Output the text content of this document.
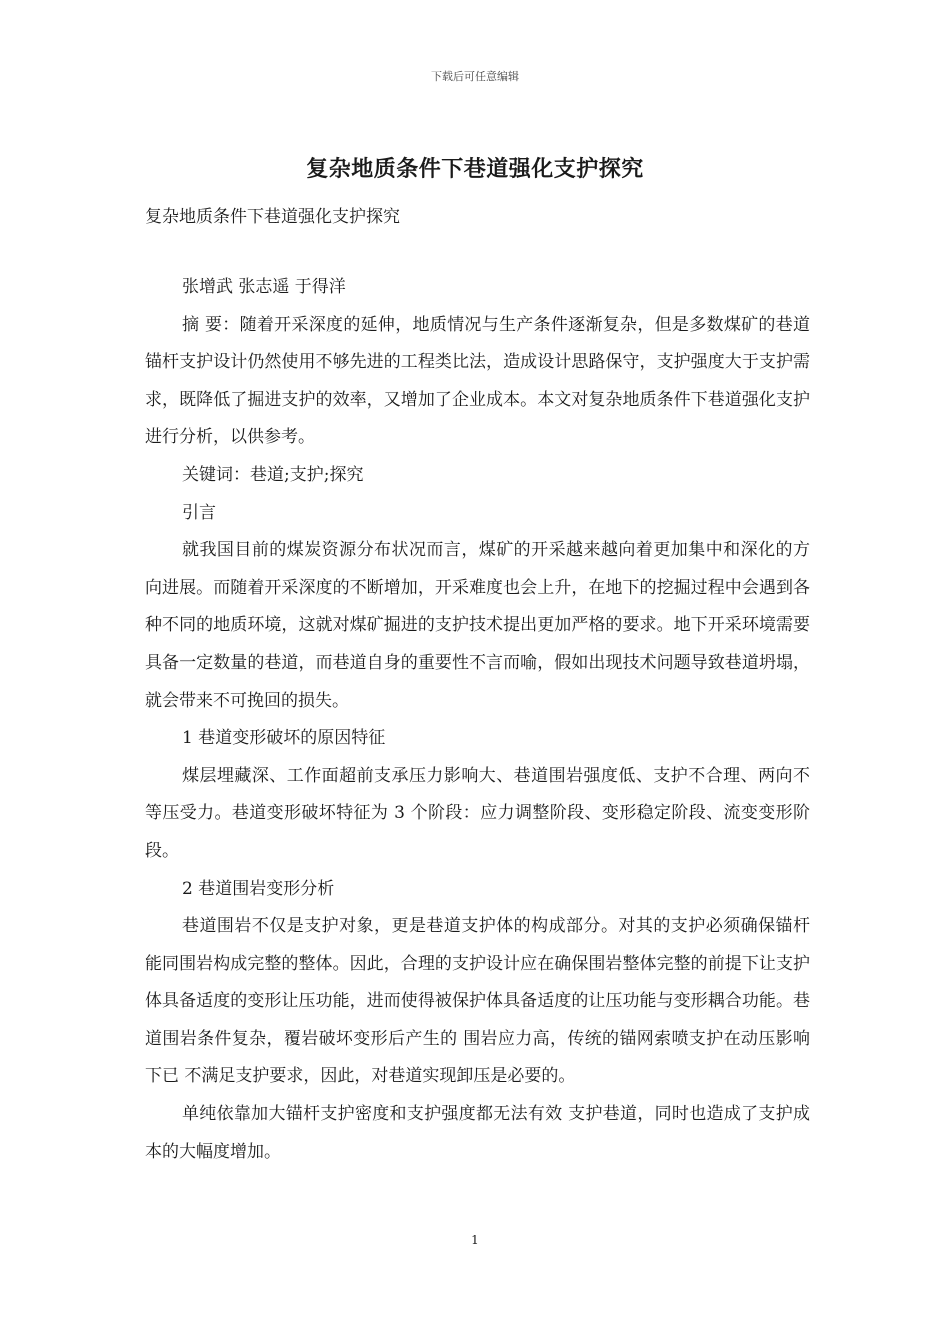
下载后可任意编辑
复杂地质条件下巷道强化支护探究
复杂地质条件下巷道强化支护探究

张增武 张志遥 于得洋

摘 要：随着开采深度的延伸，地质情况与生产条件逐渐复杂，但是多数煤矿的巷道锚杆支护设计仍然使用不够先进的工程类比法，造成设计思路保守，支护强度大于支护需求，既降低了掘进支护的效率，又增加了企业成本。本文对复杂地质条件下巷道强化支护进行分析，以供参考。

关键词：巷道;支护;探究

引言

就我国目前的煤炭资源分布状况而言，煤矿的开采越来越向着更加集中和深化的方向进展。而随着开采深度的不断增加，开采难度也会上升，在地下的挖掘过程中会遇到各种不同的地质环境，这就对煤矿掘进的支护技术提出更加严格的要求。地下开采环境需要具备一定数量的巷道，而巷道自身的重要性不言而喻，假如出现技术问题导致巷道坍塌，就会带来不可挽回的损失。

1 巷道变形破坏的原因特征

煤层埋藏深、工作面超前支承压力影响大、巷道围岩强度低、支护不合理、两向不等压受力。巷道变形破坏特征为 3 个阶段：应力调整阶段、变形稳定阶段、流变变形阶段。

2 巷道围岩变形分析

巷道围岩不仅是支护对象，更是巷道支护体的构成部分。对其的支护必须确保锚杆能同围岩构成完整的整体。因此，合理的支护设计应在确保围岩整体完整的前提下让支护体具备适度的变形让压功能，进而使得被保护体具备适度的让压功能与变形耦合功能。巷道围岩条件复杂，覆岩破坏变形后产生的 围岩应力高，传统的锚网索喷支护在动压影响下已 不满足支护要求，因此，对巷道实现卸压是必要的。

单纯依靠加大锚杆支护密度和支护强度都无法有效 支护巷道，同时也造成了支护成本的大幅度增加。

1
